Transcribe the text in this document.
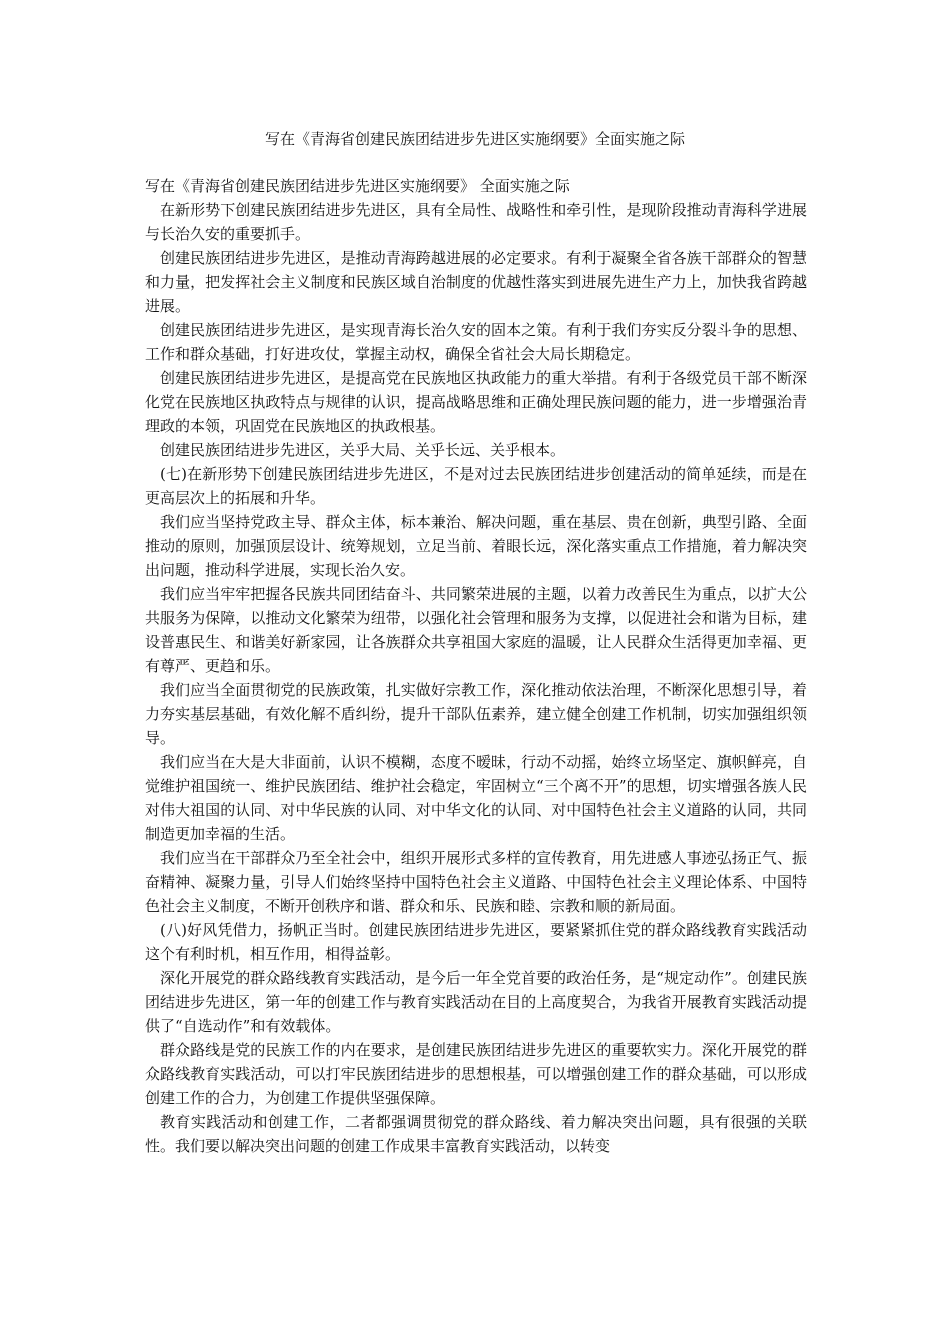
写在《青海省创建民族团结进步先进区实施纲要》全面实施之际

写在《青海省创建民族团结进步先进区实施纲要》 全面实施之际

在新形势下创建民族团结进步先进区，具有全局性、战略性和牵引性，是现阶段推动青海科学进展与长治久安的重要抓手。

创建民族团结进步先进区，是推动青海跨越进展的必定要求。有利于凝聚全省各族干部群众的智慧和力量，把发挥社会主义制度和民族区域自治制度的优越性落实到进展先进生产力上，加快我省跨越进展。

创建民族团结进步先进区，是实现青海长治久安的固本之策。有利于我们夯实反分裂斗争的思想、工作和群众基础，打好进攻仗，掌握主动权，确保全省社会大局长期稳定。

创建民族团结进步先进区，是提高党在民族地区执政能力的重大举措。有利于各级党员干部不断深化党在民族地区执政特点与规律的认识，提高战略思维和正确处理民族问题的能力，进一步增强治青理政的本领，巩固党在民族地区的执政根基。

创建民族团结进步先进区，关乎大局、关乎长远、关乎根本。

(七)在新形势下创建民族团结进步先进区，不是对过去民族团结进步创建活动的简单延续，而是在更高层次上的拓展和升华。

我们应当坚持党政主导、群众主体，标本兼治、解决问题，重在基层、贵在创新，典型引路、全面推动的原则，加强顶层设计、统筹规划，立足当前、着眼长远，深化落实重点工作措施，着力解决突出问题，推动科学进展，实现长治久安。

我们应当牢牢把握各民族共同团结奋斗、共同繁荣进展的主题，以着力改善民生为重点，以扩大公共服务为保障，以推动文化繁荣为纽带，以强化社会管理和服务为支撑，以促进社会和谐为目标，建设普惠民生、和谐美好新家园，让各族群众共享祖国大家庭的温暖，让人民群众生活得更加幸福、更有尊严、更趋和乐。

我们应当全面贯彻党的民族政策，扎实做好宗教工作，深化推动依法治理，不断深化思想引导，着力夯实基层基础，有效化解不盾纠纷，提升干部队伍素养，建立健全创建工作机制，切实加强组织领导。

我们应当在大是大非面前，认识不模糊，态度不暧昧，行动不动摇，始终立场坚定、旗帜鲜亮，自觉维护祖国统一、维护民族团结、维护社会稳定，牢固树立“三个离不开”的思想，切实增强各族人民对伟大祖国的认同、对中华民族的认同、对中华文化的认同、对中国特色社会主义道路的认同，共同制造更加幸福的生活。

我们应当在干部群众乃至全社会中，组织开展形式多样的宣传教育，用先进感人事迹弘扬正气、振奋精神、凝聚力量，引导人们始终坚持中国特色社会主义道路、中国特色社会主义理论体系、中国特色社会主义制度，不断开创秩序和谐、群众和乐、民族和睦、宗教和顺的新局面。

(八)好风凭借力，扬帆正当时。创建民族团结进步先进区，要紧紧抓住党的群众路线教育实践活动这个有利时机，相互作用，相得益彰。

深化开展党的群众路线教育实践活动，是今后一年全党首要的政治任务，是“规定动作”。创建民族团结进步先进区，第一年的创建工作与教育实践活动在目的上高度契合，为我省开展教育实践活动提供了“自选动作”和有效载体。

群众路线是党的民族工作的内在要求，是创建民族团结进步先进区的重要软实力。深化开展党的群众路线教育实践活动，可以打牢民族团结进步的思想根基，可以增强创建工作的群众基础，可以形成创建工作的合力，为创建工作提供坚强保障。

教育实践活动和创建工作，二者都强调贯彻党的群众路线、着力解决突出问题，具有很强的关联性。我们要以解决突出问题的创建工作成果丰富教育实践活动，以转变
